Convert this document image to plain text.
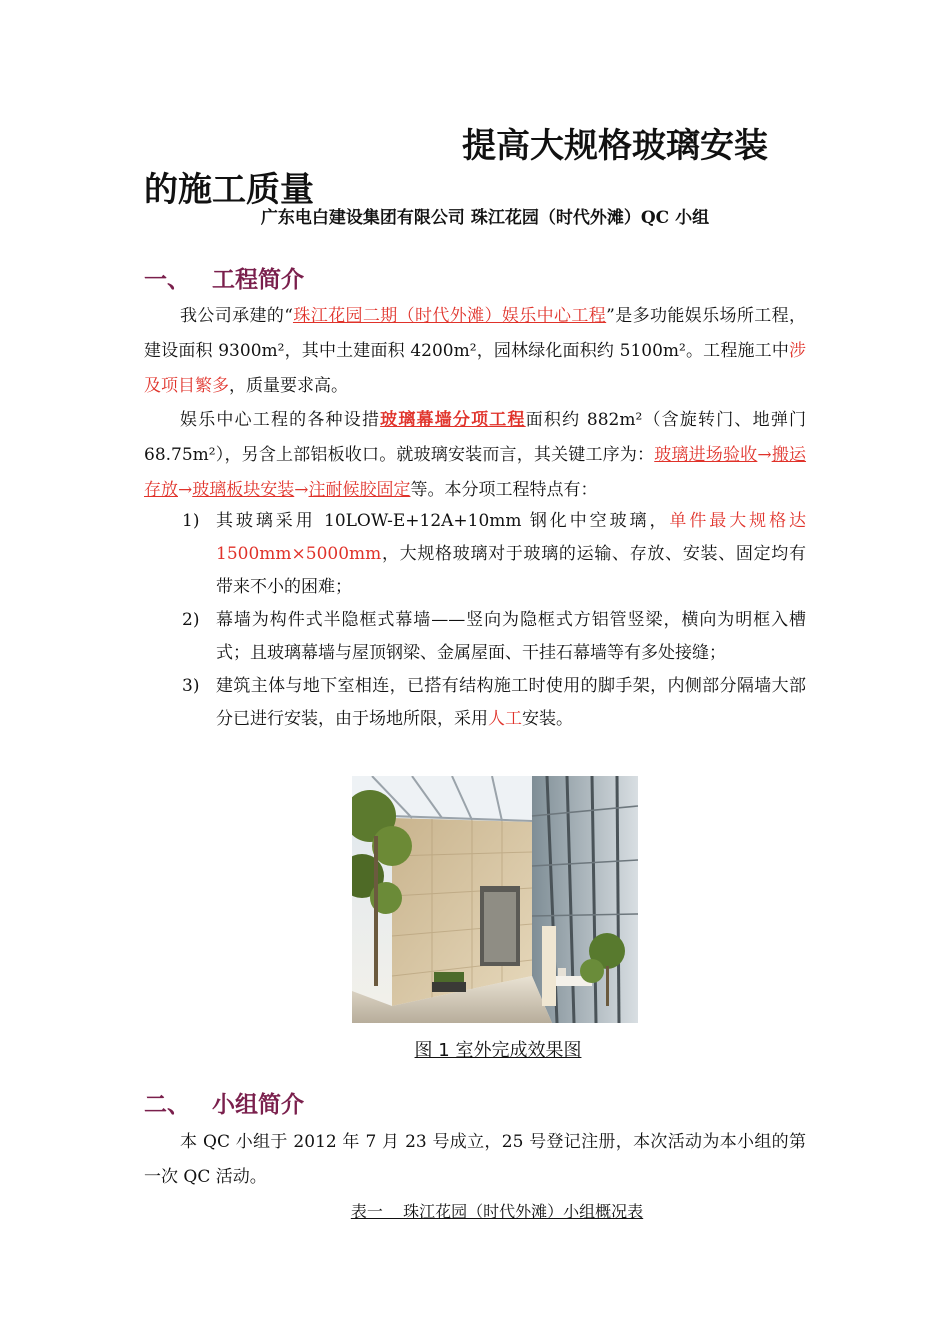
提高大规格玻璃安装
的施工质量
广东电白建设集团有限公司 珠江花园（时代外滩）QC 小组
一、 工程简介

我公司承建的“珠江花园二期（时代外滩）娱乐中心工程”是多功能娱乐场所工程，建设面积 9300m²，其中土建面积 4200m²，园林绿化面积约 5100m²。工程施工中涉及项目繁多，质量要求高。

娱乐中心工程的各种设措玻璃幕墙分项工程面积约 882m²（含旋转门、地弹门 68.75m²），另含上部铝板收口。就玻璃安装而言，其关键工序为：玻璃进场验收→搬运存放→玻璃板块安装→注耐候胶固定等。本分项工程特点有：

1) 其玻璃采用 10LOW-E+12A+10mm 钢化中空玻璃，单件最大规格达 1500mm×5000mm，大规格玻璃对于玻璃的运输、存放、安装、固定均有带来不小的困难；
2) 幕墙为构件式半隐框式幕墙——竖向为隐框式方铝管竖梁，横向为明框入槽式；且玻璃幕墙与屋顶钢梁、金属屋面、干挂石幕墙等有多处接缝；
3) 建筑主体与地下室相连，已搭有结构施工时使用的脚手架，内侧部分隔墙大部分已进行安装，由于场地所限，采用人工安装。
图 1 室外完成效果图
二、 小组简介

本 QC 小组于 2012 年 7 月 23 号成立，25 号登记注册，本次活动为本小组的第一次 QC 活动。

表一    珠江花园（时代外滩）小组概况表
